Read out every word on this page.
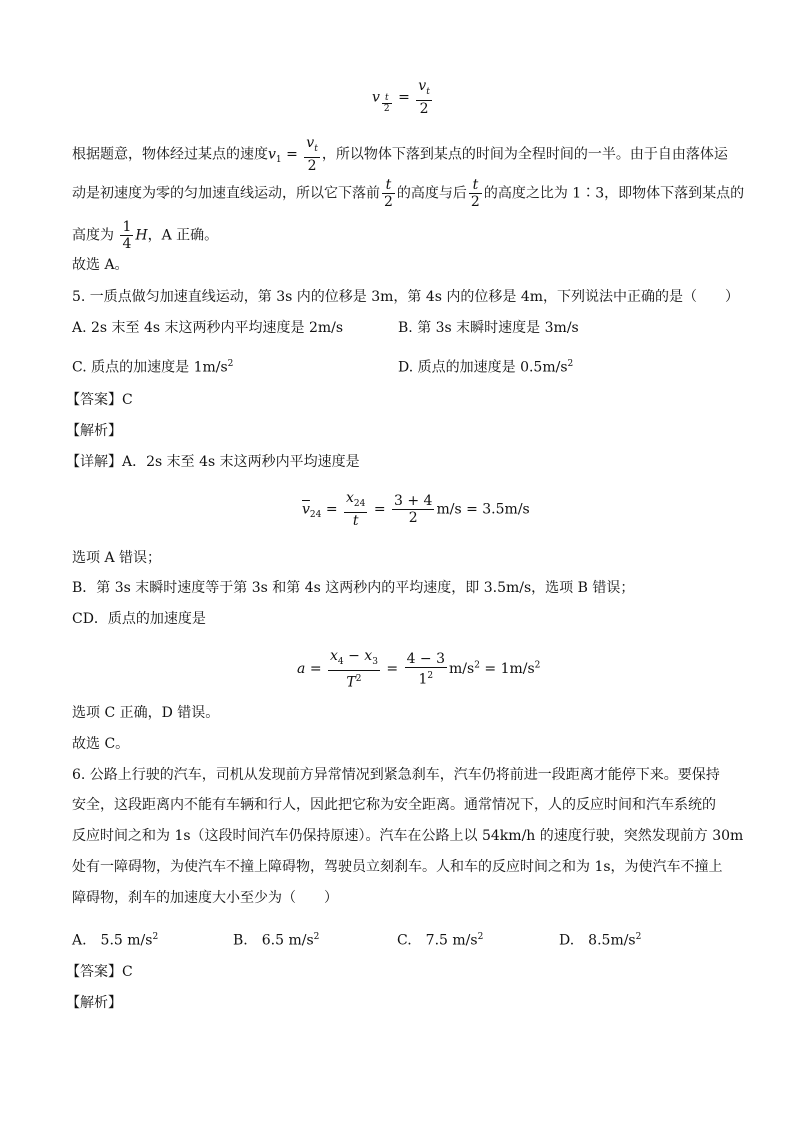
v $\frac{t}{2} = \frac{v_t}{2}$
根据题意，物体经过某点的速度$v_1 = \frac{v_t}{2}$ ，所以物体下落到某点的时间为全程时间的一半。由于自由落体运
动是初速度为零的匀加速直线运动，所以它下落前 $\frac{t}{2}$ 的高度与后 $\frac{t}{2}$ 的高度之比为 1∶3，即物体下落到某点的
高度为 $\frac{1}{4}$ H，A 正确。
故选 A。
5. 一质点做匀加速直线运动，第 3s 内的位移是 3m，第 4s 内的位移是 4m，下列说法中正确的是（　　）
A. 2s 末至 4s 末这两秒内平均速度是 2m/s	B. 第 3s 末瞬时速度是 3m/s
C. 质点的加速度是 $1m/s^2$	D. 质点的加速度是 $0.5m/s^2$
【答案】C
【解析】
【详解】A．2s 末至 4s 末这两秒内平均速度是
$\overline{v}_{24} = \frac{x_{24}}{t} = \frac{3 + 4}{2} m/s = 3.5m/s$
选项 A 错误；
B．第 3s 末瞬时速度等于第 3s 和第 4s 这两秒内的平均速度，即 3.5m/s，选项 B 错误；
CD．质点的加速度是
$a = \frac{x_4 - x_3}{T^2} = \frac{4 - 3}{1^2} m/s^2 = 1m/s^2$
选项 C 正确，D 错误。
故选 C。
6. 公路上行驶的汽车，司机从发现前方异常情况到紧急刹车，汽车仍将前进一段距离才能停下来。要保持
安全，这段距离内不能有车辆和行人，因此把它称为安全距离。通常情况下，人的反应时间和汽车系统的
反应时间之和为 1s（这段时间汽车仍保持原速）。汽车在公路上以 54km/h 的速度行驶，突然发现前方 30m
处有一障碍物，为使汽车不撞上障碍物，驾驶员立刻刹车。人和车的反应时间之和为 1s，为使汽车不撞上
障碍物，刹车的加速度大小至少为（　　）
A.　5.5 $m/s^2$	B.　6.5 $m/s^2$	C.　7.5 $m/s^2$	D.　$8.5m/s^2$
【答案】C
【解析】
